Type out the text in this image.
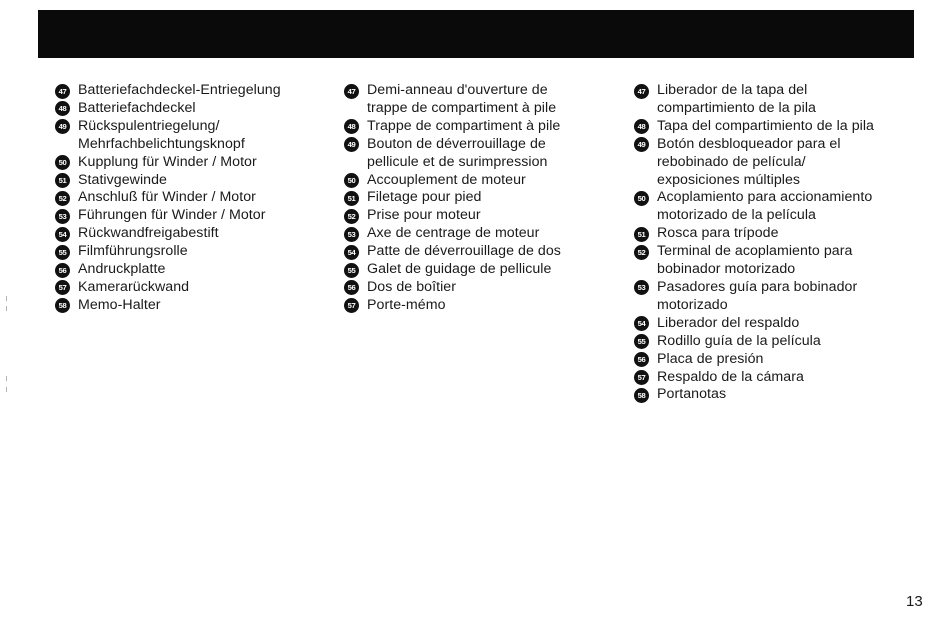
47 Batteriefachdeckel-Entriegelung
48 Batteriefachdeckel
49 Rückspulentriegelung/
Mehrfachbelichtungsknopf
50 Kupplung für Winder / Motor
51 Stativgewinde
52 Anschluß für Winder / Motor
53 Führungen für Winder / Motor
54 Rückwandfreigabestift
55 Filmführungsrolle
56 Andruckplatte
57 Kamerarückwand
58 Memo-Halter
47 Demi-anneau d'ouverture de
trappe de compartiment à pile
48 Trappe de compartiment à pile
49 Bouton de déverrouillage de
pellicule et de surimpression
50 Accouplement de moteur
51 Filetage pour pied
52 Prise pour moteur
53 Axe de centrage de moteur
54 Patte de déverrouillage de dos
55 Galet de guidage de pellicule
56 Dos de boîtier
57 Porte-mémo
47 Liberador de la tapa del
compartimiento de la pila
48 Tapa del compartimiento de la pila
49 Botón desbloqueador para el
rebobinado de película/
exposiciones múltiples
50 Acoplamiento para accionamiento
motorizado de la película
51 Rosca para trípode
52 Terminal de acoplamiento para
bobinador motorizado
53 Pasadores guía para bobinador
motorizado
54 Liberador del respaldo
55 Rodillo guía de la película
56 Placa de presión
57 Respaldo de la cámara
58 Portanotas
13
